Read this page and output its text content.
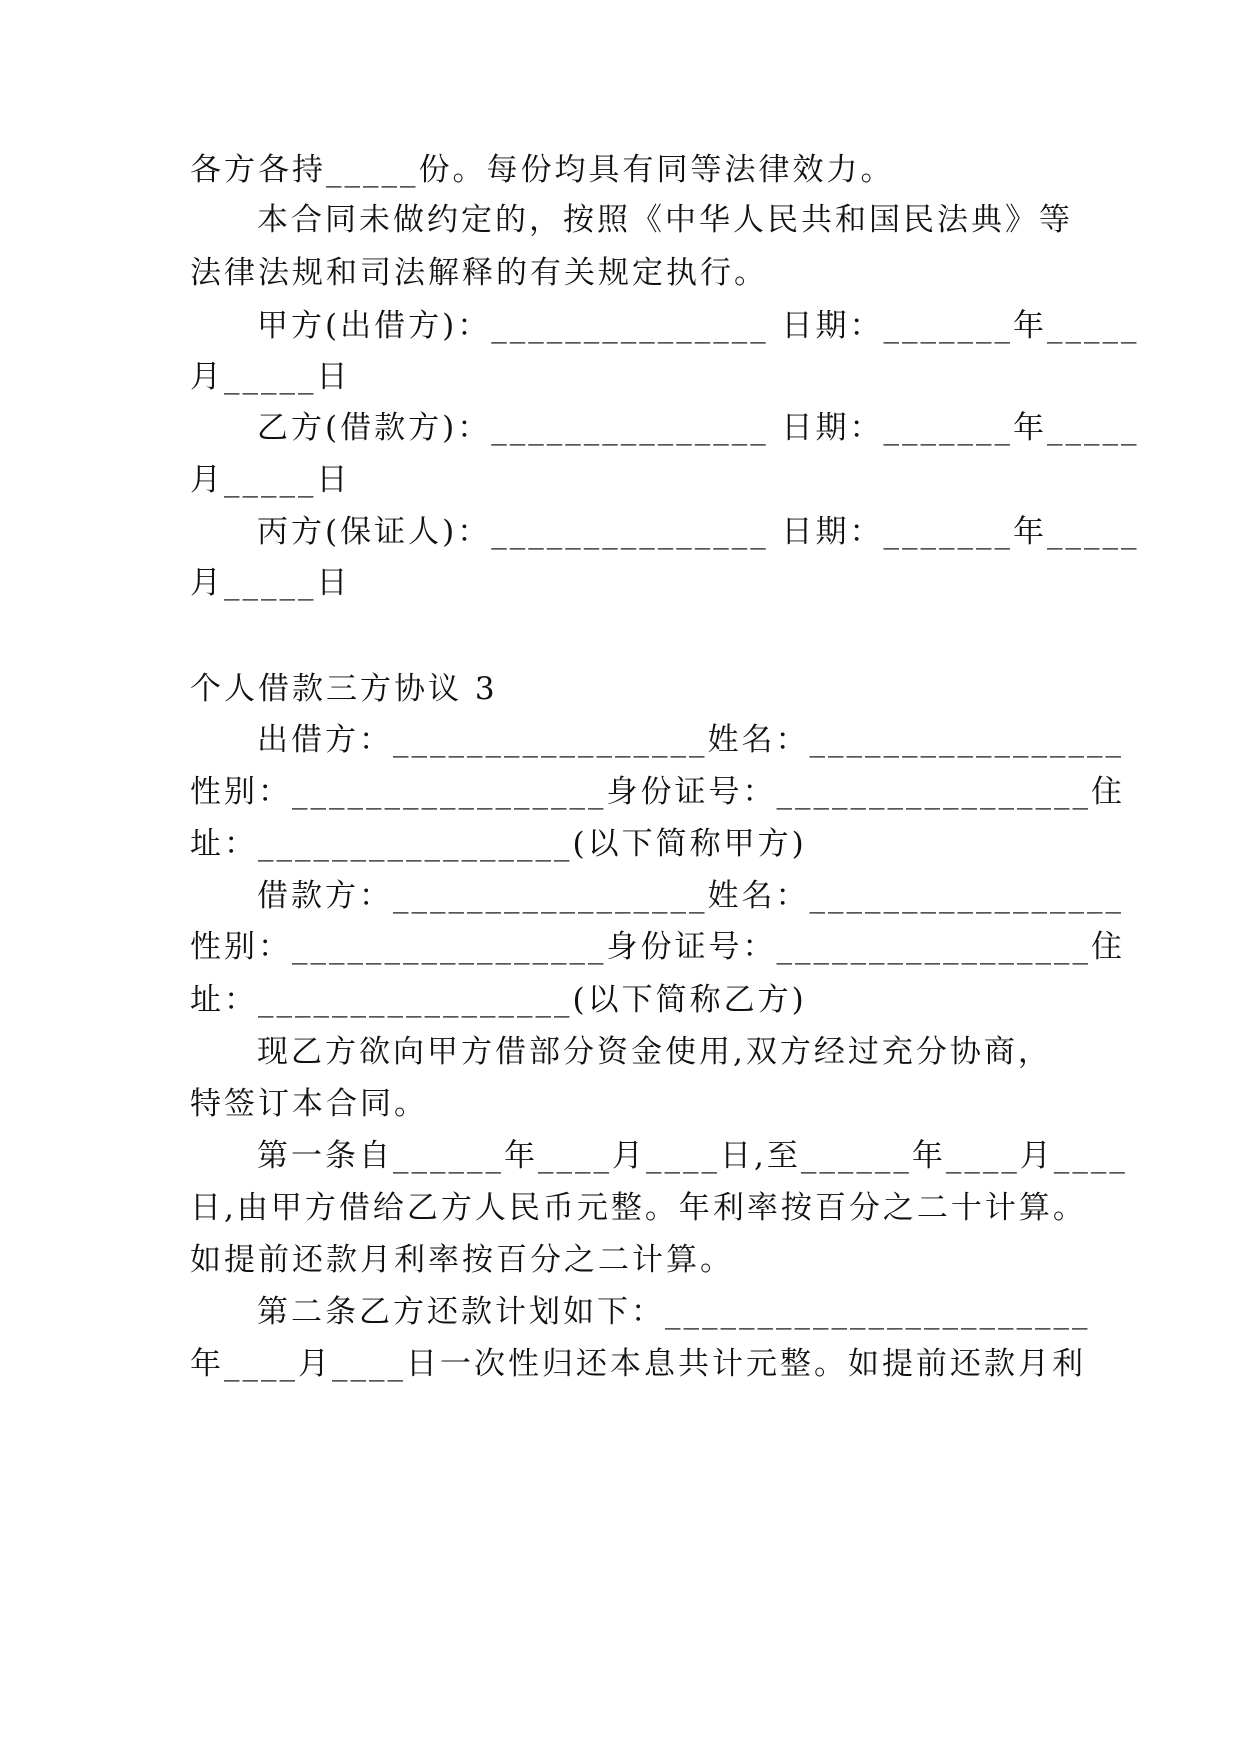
各方各持_____份。每份均具有同等法律效力。
本合同未做约定的，按照《中华人民共和国民法典》等
法律法规和司法解释的有关规定执行。
甲方(出借方)：_______________ 日期：_______年_____
月_____日
乙方(借款方)：_______________ 日期：_______年_____
月_____日
丙方(保证人)：_______________ 日期：_______年_____
月_____日
个人借款三方协议 3
出借方：_________________姓名：_________________
性别：_________________身份证号：_________________住
址：_________________(以下简称甲方)
借款方：_________________姓名：_________________
性别：_________________身份证号：_________________住
址：_________________(以下简称乙方)
现乙方欲向甲方借部分资金使用,双方经过充分协商，
特签订本合同。
第一条自______年____月____日,至______年____月____
日,由甲方借给乙方人民币元整。年利率按百分之二十计算。
如提前还款月利率按百分之二计算。
第二条乙方还款计划如下：_______________________
年____月____日一次性归还本息共计元整。如提前还款月利
